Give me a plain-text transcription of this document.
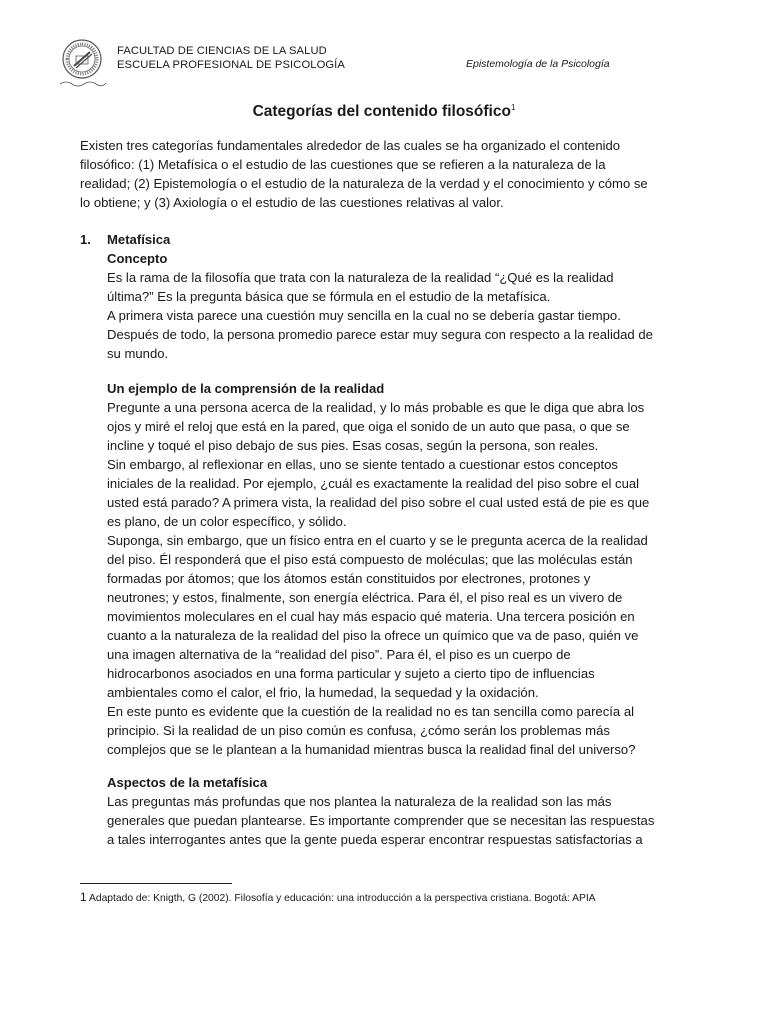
FACULTAD DE CIENCIAS DE LA SALUD
ESCUELA PROFESIONAL DE PSICOLOGÍA	Epistemología de la Psicología
Categorías del contenido filosófico$^1$
Existen tres categorías fundamentales alrededor de las cuales se ha organizado el contenido
filosófico: (1) Metafísica o el estudio de las cuestiones que se refieren a la naturaleza de la
realidad; (2) Epistemología o el estudio de la naturaleza de la verdad y el conocimiento y cómo se
lo obtiene; y (3) Axiología o el estudio de las cuestiones relativas al valor.
1. Metafísica
Concepto
Es la rama de la filosofía que trata con la naturaleza de la realidad “¿Qué es la realidad
última?” Es la pregunta básica que se fórmula en el estudio de la metafísica.
A primera vista parece una cuestión muy sencilla en la cual no se debería gastar tiempo.
Después de todo, la persona promedio parece estar muy segura con respecto a la realidad de
su mundo.
Un ejemplo de la comprensión de la realidad
Pregunte a una persona acerca de la realidad, y lo más probable es que le diga que abra los
ojos y miré el reloj que está en la pared, que oiga el sonido de un auto que pasa, o que se
incline y toqué el piso debajo de sus pies. Esas cosas, según la persona, son reales.
Sin embargo, al reflexionar en ellas, uno se siente tentado a cuestionar estos conceptos
iniciales de la realidad. Por ejemplo, ¿cuál es exactamente la realidad del piso sobre el cual
usted está parado? A primera vista, la realidad del piso sobre el cual usted está de pie es que
es plano, de un color específico, y sólido.
Suponga, sin embargo, que un físico entra en el cuarto y se le pregunta acerca de la realidad
del piso. Él responderá que el piso está compuesto de moléculas; que las moléculas están
formadas por átomos; que los átomos están constituidos por electrones, protones y
neutrones; y estos, finalmente, son energía eléctrica. Para él, el piso real es un vivero de
movimientos moleculares en el cual hay más espacio qué materia. Una tercera posición en
cuanto a la naturaleza de la realidad del piso la ofrece un químico que va de paso, quién ve
una imagen alternativa de la “realidad del piso”. Para él, el piso es un cuerpo de
hidrocarbonos asociados en una forma particular y sujeto a cierto tipo de influencias
ambientales como el calor, el frio, la humedad, la sequedad y la oxidación.
En este punto es evidente que la cuestión de la realidad no es tan sencilla como parecía al
principio. Si la realidad de un piso común es confusa, ¿cómo serán los problemas más
complejos que se le plantean a la humanidad mientras busca la realidad final del universo?
Aspectos de la metafísica
Las preguntas más profundas que nos plantea la naturaleza de la realidad son las más
generales que puedan plantearse. Es importante comprender que se necesitan las respuestas
a tales interrogantes antes que la gente pueda esperar encontrar respuestas satisfactorias a
1 Adaptado de: Knigth, G (2002). Filosofía y educación: una introducción a la perspectiva cristiana. Bogotá: APIA
